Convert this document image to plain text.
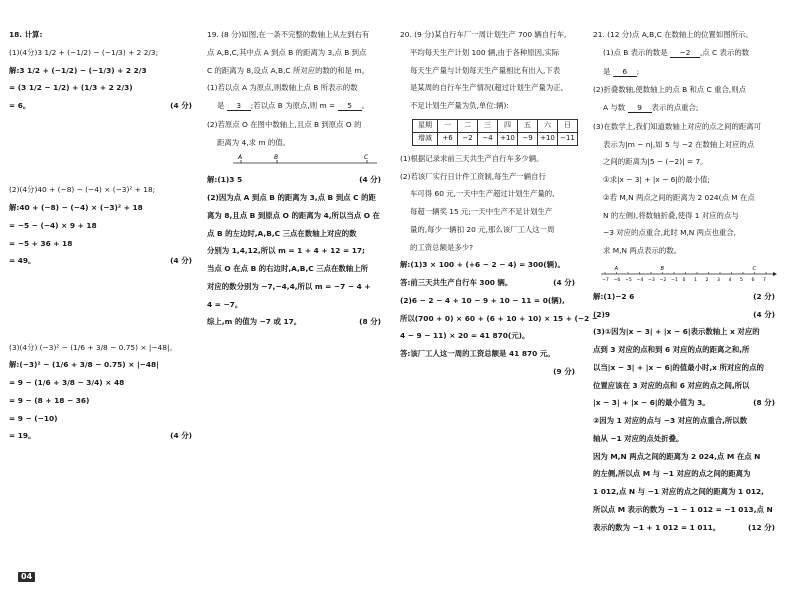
18. 计算:
(1)(4分)3 1/2 + (−1/2) − (−1/3) + 2 2/3;
解:3 1/2 + (−1/2) − (−1/3) + 2 2/3
= (3 1/2 − 1/2) + (1/3 + 2 2/3)
= 6。	(4 分)
(2)(4分)40 + (−8) − (−4) × (−3)² + 18;
解:40 + (−8) − (−4) × (−3)² + 18
= −5 − (−4) × 9 + 18
= −5 + 36 + 18
= 49。	(4 分)
(3)(4分) (−3)² − (1/6 + 3/8 − 0.75) × |−48|。
解:(−3)² − (1/6 + 3/8 − 0.75) × |−48|
= 9 − (1/6 + 3/8 − 3/4) × 48
= 9 − (8 + 18 − 36)
= 9 − (−10)
= 19。	(4 分)
19. (8 分)如图,在一条不完整的数轴上从左到右有
点 A,B,C,其中点 A 到点 B 的距离为 3,点 B 到点
C 的距离为 8,设点 A,B,C 所对应的数的和是 m。
(1)若以点 A 为原点,则数轴上点 B 所表示的数
是 3 ;若以点 B 为原点,则 m = 5 。
(2)若原点 O 在图中数轴上,且点 B 到原点 O 的
距离为 4,求 m 的值。
A	B	C
解:(1)3 5	(4 分)
(2)因为点 A 到点 B 的距离为 3,点 B 到点 C 的距
离为 8,且点 B 到原点 O 的距离为 4,所以当点 O 在
点 B 的左边时,A,B,C 三点在数轴上对应的数
分别为 1,4,12,所以 m = 1 + 4 + 12 = 17;
当点 O 在点 B 的右边时,A,B,C 三点在数轴上所
对应的数分别为 −7,−4,4,所以 m = −7 − 4 +
4 = −7。
综上,m 的值为 −7 或 17。	(8 分)
20. (9 分)某自行车厂一周计划生产 700 辆自行车,
平均每天生产计划 100 辆,由于各种原因,实际
每天生产量与计划每天生产量相比有出入,下表
是某周的自行车生产情况(超过计划生产量为正,
不足计划生产量为负,单位:辆):
星期	一	二	三	四	五	六	日
增减	+6	−2	−4	+10	−9	+10	−11
(1)根据记录求前三天共生产自行车多少辆。
(2)若该厂实行日计件工资制,每生产一辆自行
车可得 60 元,一天中生产超过计划生产量的,
每超一辆奖 15 元;一天中生产不足计划生产
量的,每少一辆扣 20 元,那么该厂工人这一周
的工资总额是多少?
解:(1)3 × 100 + (+6 − 2 − 4) = 300(辆)。
答:前三天共生产自行车 300 辆。	(4 分)
(2)6 − 2 − 4 + 10 − 9 + 10 − 11 = 0(辆),
所以(700 + 0) × 60 + (6 + 10 + 10) × 15 + (−2 −
4 − 9 − 11) × 20 = 41 870(元)。
答:该厂工人这一周的工资总额是 41 870 元。
(9 分)
21. (12 分)点 A,B,C 在数轴上的位置如图所示。
(1)点 B 表示的数是 −2 ,点 C 表示的数
是 6 ;
(2)折叠数轴,使数轴上的点 B 和点 C 重合,则点
A 与数 9 表示的点重合;
(3)在数学上,我们知道数轴上对应的点之间的距离可
表示为|m − n|,如 5 与 −2 在数轴上对应的点
之间的距离为|5 − (−2)| = 7。
①求|x − 3| + |x − 6|的最小值;
②若 M,N 两点之间的距离为 2 024(点 M 在点
N 的左侧),将数轴折叠,使得 1 对应的点与
−3 对应的点重合,此时 M,N 两点也重合,
求 M,N 两点表示的数。
−7 −6 −5 −4 −3 −2 −1 0 1 2 3 4 5 6 7
A	B	C
解:(1)−2 6	(2 分)
(2)9	(4 分)
(3)①因为|x − 3| + |x − 6|表示数轴上 x 对应的
点到 3 对应的点和到 6 对应的点的距离之和,所
以当|x − 3| + |x − 6|的值最小时,x 所对应的点的
位置应该在 3 对应的点和 6 对应的点之间,所以
|x − 3| + |x − 6|的最小值为 3。	(8 分)
②因为 1 对应的点与 −3 对应的点重合,所以数
轴从 −1 对应的点处折叠。
因为 M,N 两点之间的距离为 2 024,点 M 在点 N
的左侧,所以点 M 与 −1 对应的点之间的距离为
1 012,点 N 与 −1 对应的点之间的距离为 1 012,
所以点 M 表示的数为 −1 − 1 012 = −1 013,点 N
表示的数为 −1 + 1 012 = 1 011。	(12 分)
04
